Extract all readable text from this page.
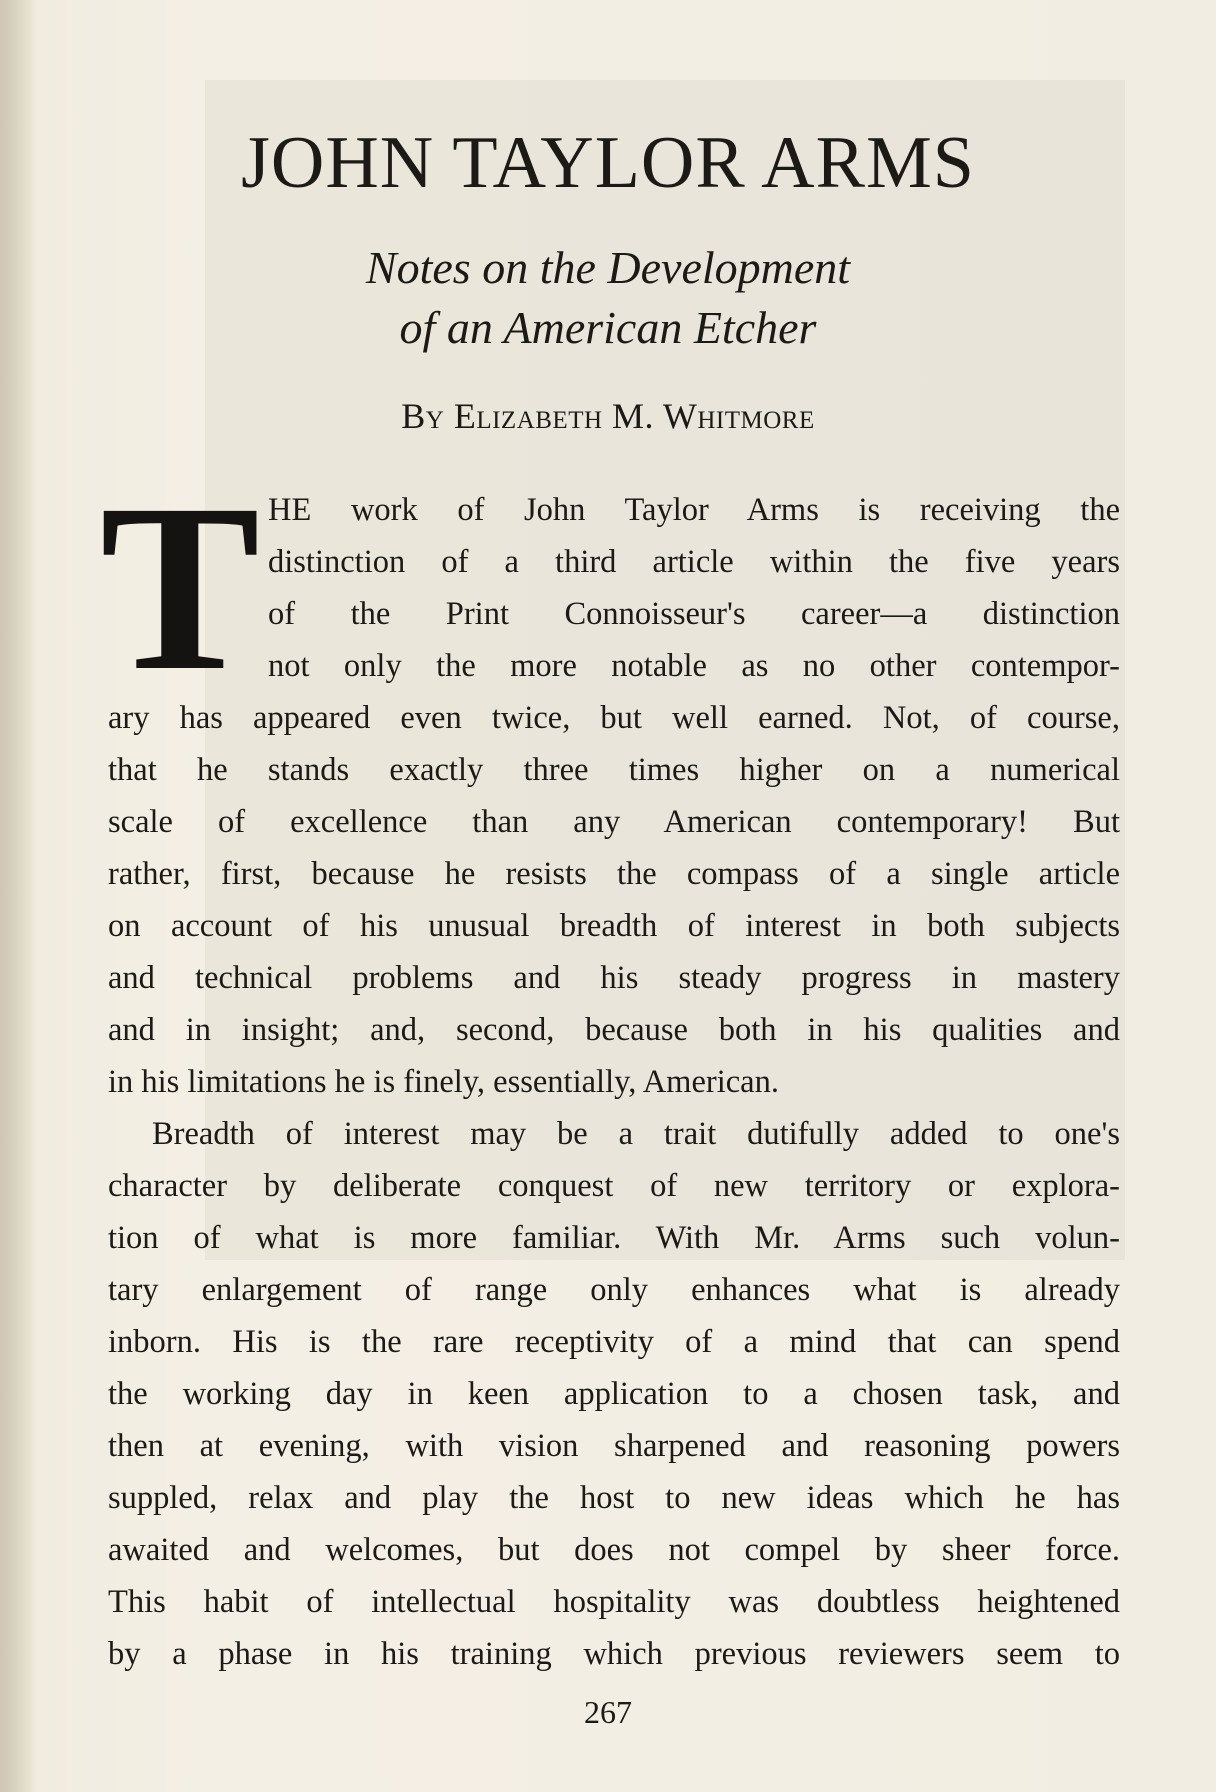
JOHN TAYLOR ARMS
Notes on the Development
of an American Etcher
By Elizabeth M. Whitmore
T HE work of John Taylor Arms is receiving the
distinction of a third article within the five years
of the Print Connoisseur's career—a distinction
not only the more notable as no other contempor-
ary has appeared even twice, but well earned. Not, of course,
that he stands exactly three times higher on a numerical
scale of excellence than any American contemporary! But
rather, first, because he resists the compass of a single article
on account of his unusual breadth of interest in both subjects
and technical problems and his steady progress in mastery
and in insight; and, second, because both in his qualities and
in his limitations he is finely, essentially, American.
Breadth of interest may be a trait dutifully added to one's
character by deliberate conquest of new territory or explora-
tion of what is more familiar. With Mr. Arms such volun-
tary enlargement of range only enhances what is already
inborn. His is the rare receptivity of a mind that can spend
the working day in keen application to a chosen task, and
then at evening, with vision sharpened and reasoning powers
suppled, relax and play the host to new ideas which he has
awaited and welcomes, but does not compel by sheer force.
This habit of intellectual hospitality was doubtless heightened
by a phase in his training which previous reviewers seem to
267
